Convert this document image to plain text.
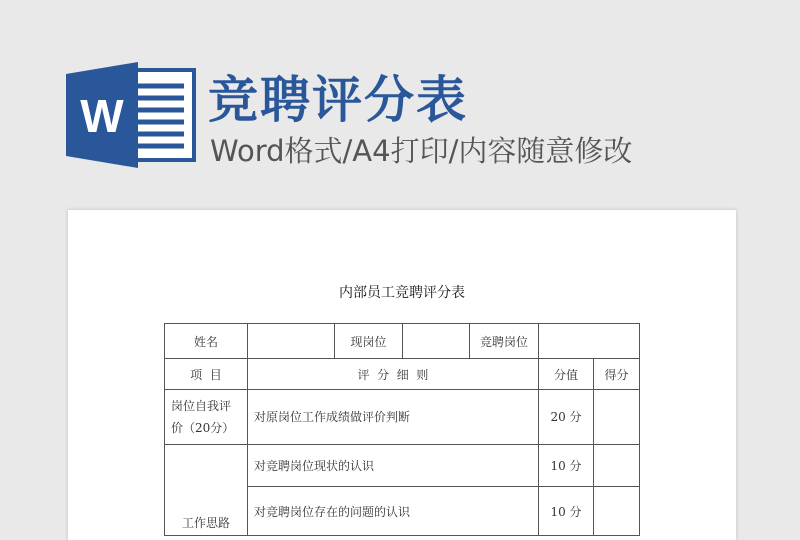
W 竞聘评分表
Word格式/A4打印/内容随意修改
内部员工竞聘评分表
姓名		现岗位		竞聘岗位		
项  目	评  分  细  则				分值	得分
岗位自我评价（20分）	对原岗位工作成绩做评价判断				20 分	
工作思路	对竞聘岗位现状的认识				10 分	
	对竞聘岗位存在的问题的认识				10 分	
